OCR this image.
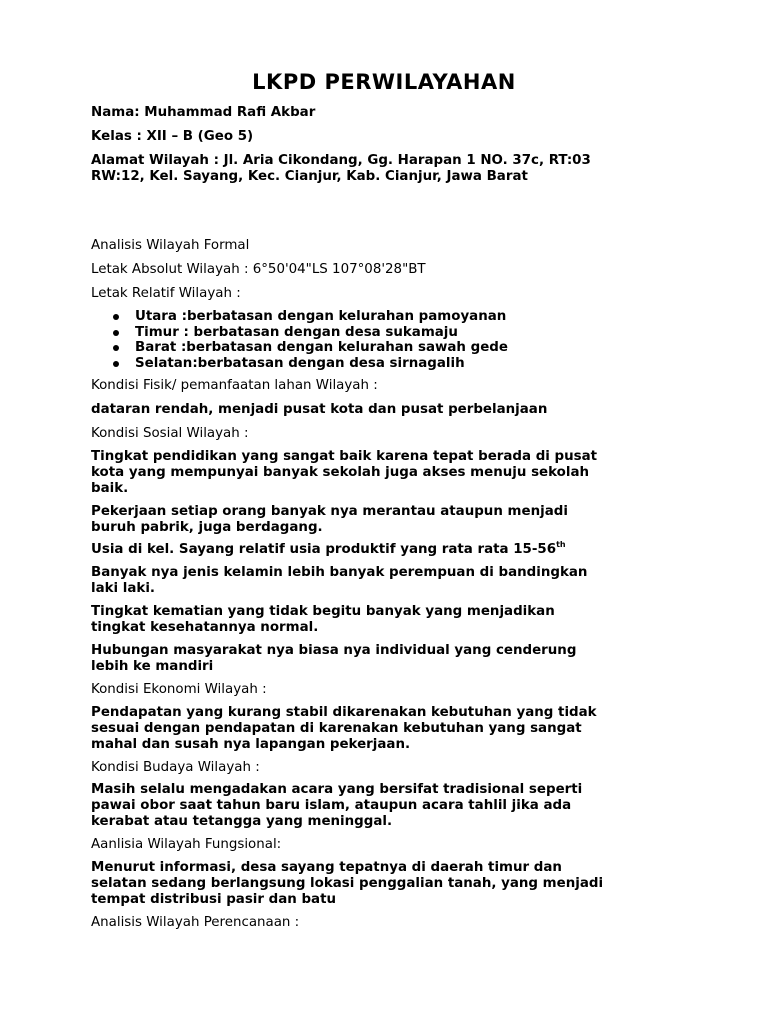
LKPD PERWILAYAHAN
Nama: Muhammad Rafi Akbar
Kelas : XII – B (Geo 5)
Alamat Wilayah : Jl. Aria Cikondang, Gg. Harapan 1 NO. 37c, RT:03
RW:12, Kel. Sayang, Kec. Cianjur, Kab. Cianjur, Jawa Barat
Analisis Wilayah Formal
Letak Absolut Wilayah : 6°50'04"LS 107°08'28"BT
Letak Relatif Wilayah :
Utara :berbatasan dengan kelurahan pamoyanan
Timur : berbatasan dengan desa sukamaju
Barat :berbatasan dengan kelurahan sawah gede
Selatan:berbatasan dengan desa sirnagalih
Kondisi Fisik/ pemanfaatan lahan Wilayah :
dataran rendah, menjadi pusat kota dan pusat perbelanjaan
Kondisi Sosial Wilayah :
Tingkat pendidikan yang sangat baik karena tepat berada di pusat
kota yang mempunyai banyak sekolah juga akses menuju sekolah
baik.
Pekerjaan setiap orang banyak nya merantau ataupun menjadi
buruh pabrik, juga berdagang.
Usia di kel. Sayang relatif usia produktif yang rata rata 15-56th
Banyak nya jenis kelamin lebih banyak perempuan di bandingkan
laki laki.
Tingkat kematian yang tidak begitu banyak yang menjadikan
tingkat kesehatannya normal.
Hubungan masyarakat nya biasa nya individual yang cenderung
lebih ke mandiri
Kondisi Ekonomi Wilayah :
Pendapatan yang kurang stabil dikarenakan kebutuhan yang tidak
sesuai dengan pendapatan di karenakan kebutuhan yang sangat
mahal dan susah nya lapangan pekerjaan.
Kondisi Budaya Wilayah :
Masih selalu mengadakan acara yang bersifat tradisional seperti
pawai obor saat tahun baru islam, ataupun acara tahlil jika ada
kerabat atau tetangga yang meninggal.
Aanlisia Wilayah Fungsional:
Menurut informasi, desa sayang tepatnya di daerah timur dan
selatan sedang berlangsung lokasi penggalian tanah, yang menjadi
tempat distribusi pasir dan batu
Analisis Wilayah Perencanaan :
